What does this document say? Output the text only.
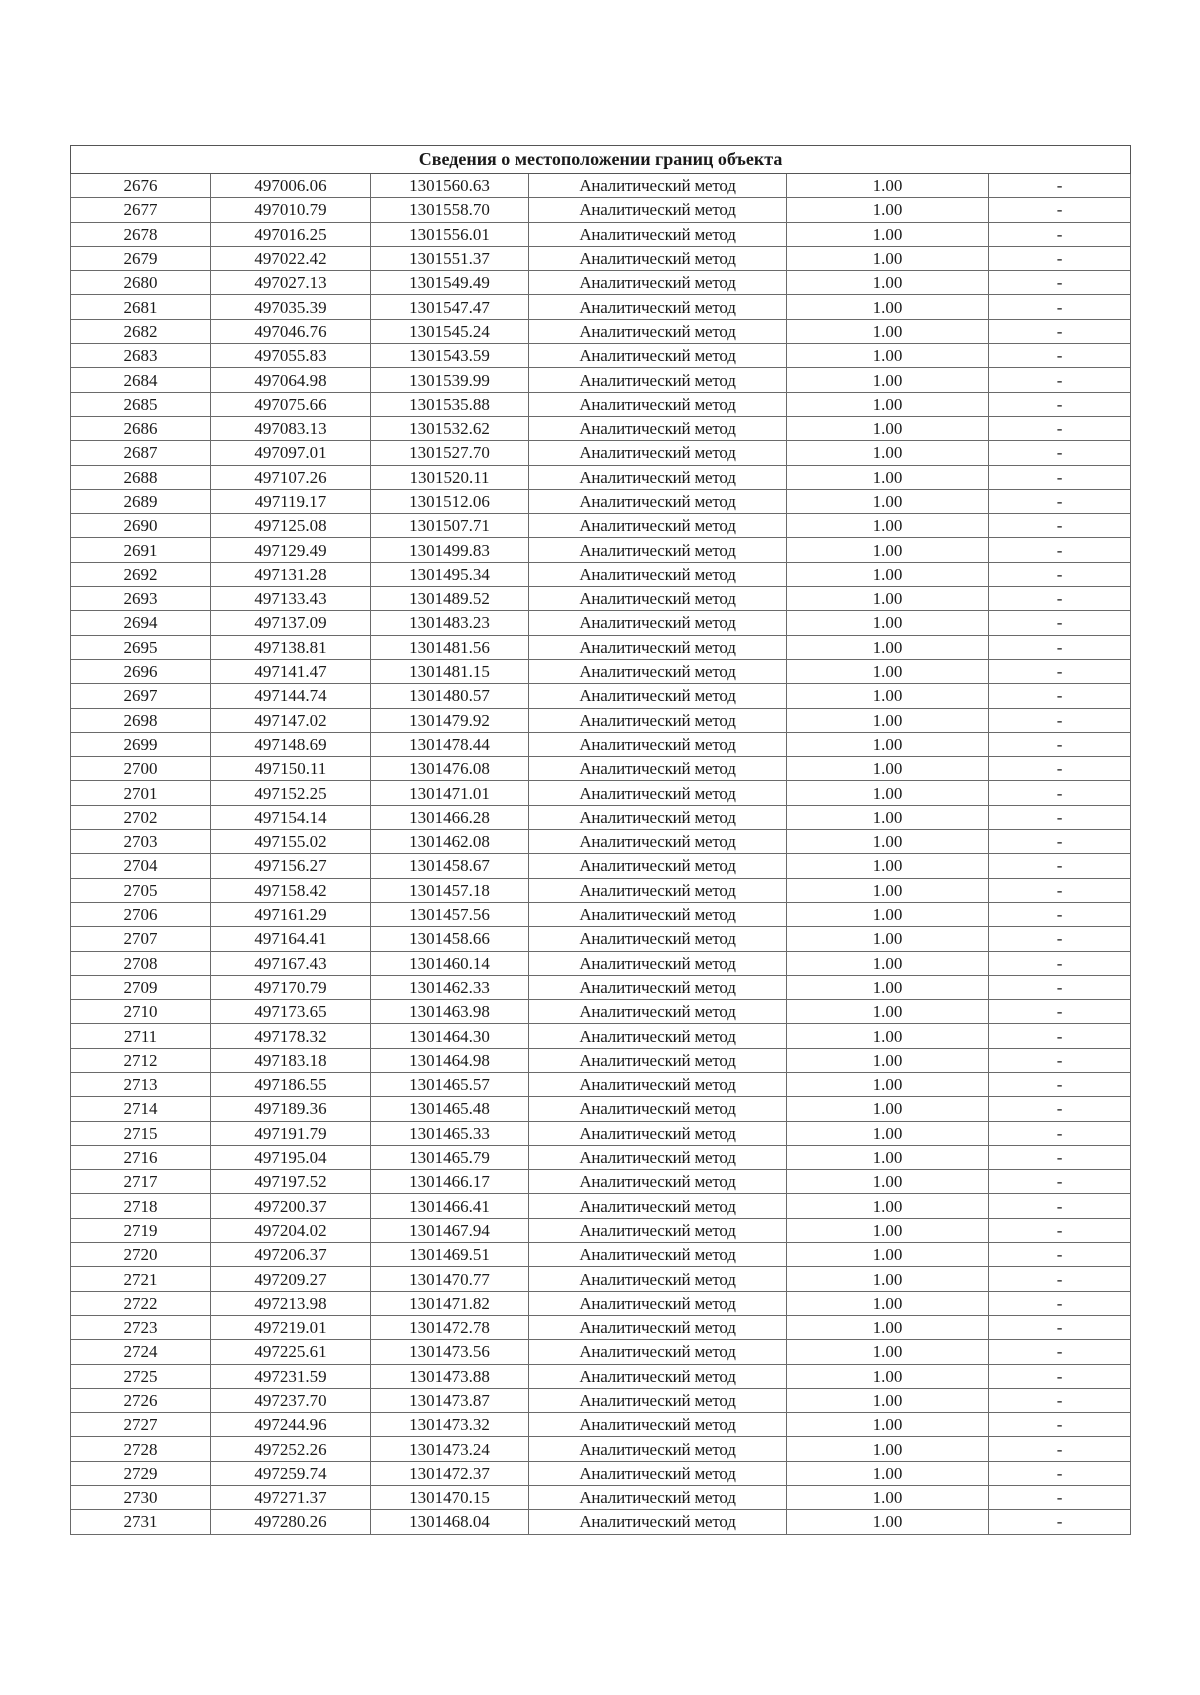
Сведения о местоположении границ объекта					
2676	497006.06	1301560.63	Аналитический метод	1.00	-
2677	497010.79	1301558.70	Аналитический метод	1.00	-
2678	497016.25	1301556.01	Аналитический метод	1.00	-
2679	497022.42	1301551.37	Аналитический метод	1.00	-
2680	497027.13	1301549.49	Аналитический метод	1.00	-
2681	497035.39	1301547.47	Аналитический метод	1.00	-
2682	497046.76	1301545.24	Аналитический метод	1.00	-
2683	497055.83	1301543.59	Аналитический метод	1.00	-
2684	497064.98	1301539.99	Аналитический метод	1.00	-
2685	497075.66	1301535.88	Аналитический метод	1.00	-
2686	497083.13	1301532.62	Аналитический метод	1.00	-
2687	497097.01	1301527.70	Аналитический метод	1.00	-
2688	497107.26	1301520.11	Аналитический метод	1.00	-
2689	497119.17	1301512.06	Аналитический метод	1.00	-
2690	497125.08	1301507.71	Аналитический метод	1.00	-
2691	497129.49	1301499.83	Аналитический метод	1.00	-
2692	497131.28	1301495.34	Аналитический метод	1.00	-
2693	497133.43	1301489.52	Аналитический метод	1.00	-
2694	497137.09	1301483.23	Аналитический метод	1.00	-
2695	497138.81	1301481.56	Аналитический метод	1.00	-
2696	497141.47	1301481.15	Аналитический метод	1.00	-
2697	497144.74	1301480.57	Аналитический метод	1.00	-
2698	497147.02	1301479.92	Аналитический метод	1.00	-
2699	497148.69	1301478.44	Аналитический метод	1.00	-
2700	497150.11	1301476.08	Аналитический метод	1.00	-
2701	497152.25	1301471.01	Аналитический метод	1.00	-
2702	497154.14	1301466.28	Аналитический метод	1.00	-
2703	497155.02	1301462.08	Аналитический метод	1.00	-
2704	497156.27	1301458.67	Аналитический метод	1.00	-
2705	497158.42	1301457.18	Аналитический метод	1.00	-
2706	497161.29	1301457.56	Аналитический метод	1.00	-
2707	497164.41	1301458.66	Аналитический метод	1.00	-
2708	497167.43	1301460.14	Аналитический метод	1.00	-
2709	497170.79	1301462.33	Аналитический метод	1.00	-
2710	497173.65	1301463.98	Аналитический метод	1.00	-
2711	497178.32	1301464.30	Аналитический метод	1.00	-
2712	497183.18	1301464.98	Аналитический метод	1.00	-
2713	497186.55	1301465.57	Аналитический метод	1.00	-
2714	497189.36	1301465.48	Аналитический метод	1.00	-
2715	497191.79	1301465.33	Аналитический метод	1.00	-
2716	497195.04	1301465.79	Аналитический метод	1.00	-
2717	497197.52	1301466.17	Аналитический метод	1.00	-
2718	497200.37	1301466.41	Аналитический метод	1.00	-
2719	497204.02	1301467.94	Аналитический метод	1.00	-
2720	497206.37	1301469.51	Аналитический метод	1.00	-
2721	497209.27	1301470.77	Аналитический метод	1.00	-
2722	497213.98	1301471.82	Аналитический метод	1.00	-
2723	497219.01	1301472.78	Аналитический метод	1.00	-
2724	497225.61	1301473.56	Аналитический метод	1.00	-
2725	497231.59	1301473.88	Аналитический метод	1.00	-
2726	497237.70	1301473.87	Аналитический метод	1.00	-
2727	497244.96	1301473.32	Аналитический метод	1.00	-
2728	497252.26	1301473.24	Аналитический метод	1.00	-
2729	497259.74	1301472.37	Аналитический метод	1.00	-
2730	497271.37	1301470.15	Аналитический метод	1.00	-
2731	497280.26	1301468.04	Аналитический метод	1.00	-
